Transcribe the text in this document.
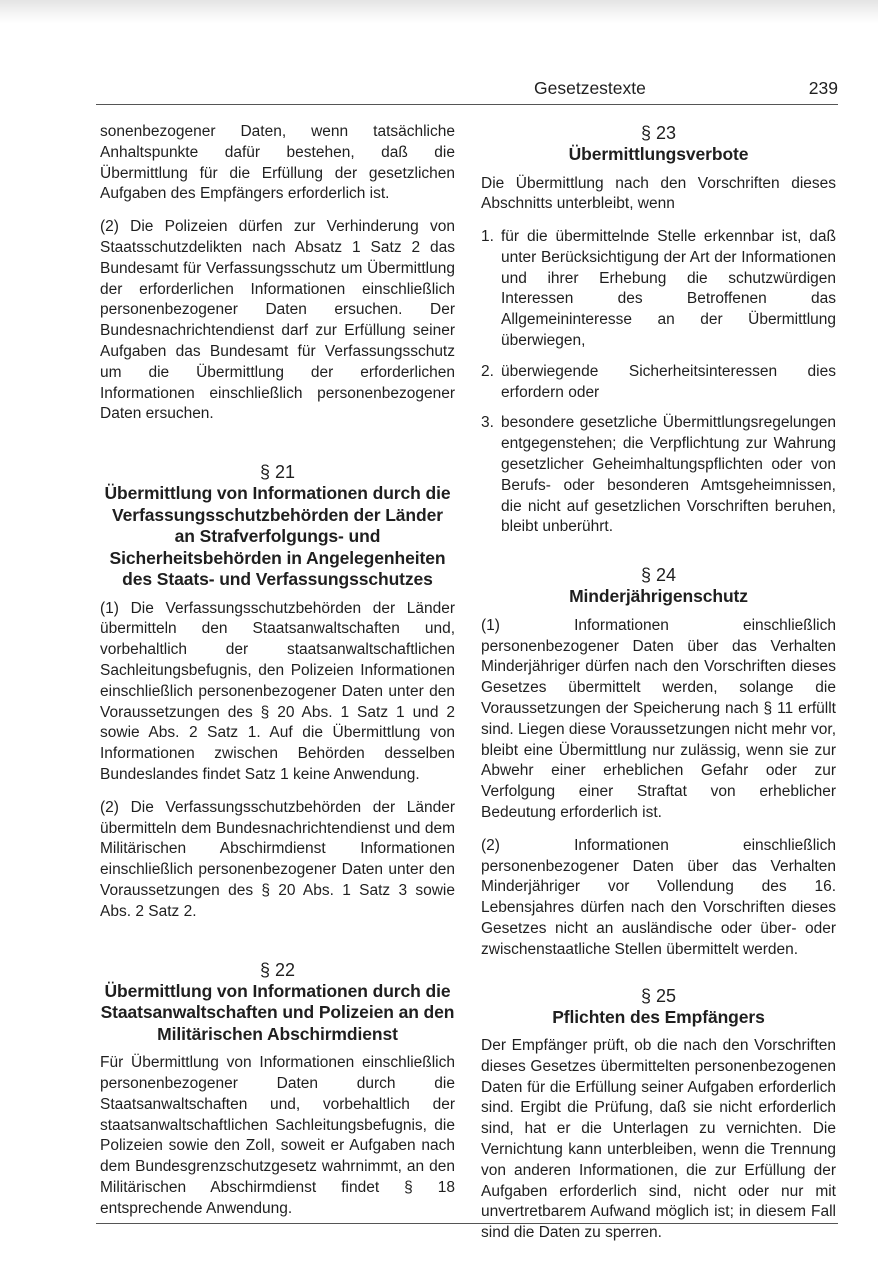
Gesetzestexte	239

sonenbezogener Daten, wenn tatsächliche Anhaltspunkte dafür bestehen, daß die Übermittlung für die Erfüllung der gesetzlichen Aufgaben des Empfängers erforderlich ist.

(2) Die Polizeien dürfen zur Verhinderung von Staatsschutzdelikten nach Absatz 1 Satz 2 das Bundesamt für Verfassungsschutz um Übermittlung der erforderlichen Informationen einschließlich personenbezogener Daten ersuchen. Der Bundesnachrichtendienst darf zur Erfüllung seiner Aufgaben das Bundesamt für Verfassungsschutz um die Übermittlung der erforderlichen Informationen einschließlich personenbezogener Daten ersuchen.

§ 21
Übermittlung von Informationen durch die Verfassungsschutzbehörden der Länder an Strafverfolgungs- und Sicherheitsbehörden in Angelegenheiten des Staats- und Verfassungsschutzes

(1) Die Verfassungsschutzbehörden der Länder übermitteln den Staatsanwaltschaften und, vorbehaltlich der staatsanwaltschaftlichen Sachleitungsbefugnis, den Polizeien Informationen einschließlich personenbezogener Daten unter den Voraussetzungen des § 20 Abs. 1 Satz 1 und 2 sowie Abs. 2 Satz 1. Auf die Übermittlung von Informationen zwischen Behörden desselben Bundeslandes findet Satz 1 keine Anwendung.

(2) Die Verfassungsschutzbehörden der Länder übermitteln dem Bundesnachrichtendienst und dem Militärischen Abschirmdienst Informationen einschließlich personenbezogener Daten unter den Voraussetzungen des § 20 Abs. 1 Satz 3 sowie Abs. 2 Satz 2.

§ 22
Übermittlung von Informationen durch die Staatsanwaltschaften und Polizeien an den Militärischen Abschirmdienst

Für Übermittlung von Informationen einschließlich personenbezogener Daten durch die Staatsanwaltschaften und, vorbehaltlich der staatsanwaltschaftlichen Sachleitungsbefugnis, die Polizeien sowie den Zoll, soweit er Aufgaben nach dem Bundesgrenzschutzgesetz wahrnimmt, an den Militärischen Abschirmdienst findet § 18 entsprechende Anwendung.

§ 23
Übermittlungsverbote

Die Übermittlung nach den Vorschriften dieses Abschnitts unterbleibt, wenn

1. für die übermittelnde Stelle erkennbar ist, daß unter Berücksichtigung der Art der Informationen und ihrer Erhebung die schutzwürdigen Interessen des Betroffenen das Allgemeininteresse an der Übermittlung überwiegen,
2. überwiegende Sicherheitsinteressen dies erfordern oder
3. besondere gesetzliche Übermittlungsregelungen entgegenstehen; die Verpflichtung zur Wahrung gesetzlicher Geheimhaltungspflichten oder von Berufs- oder besonderen Amtsgeheimnissen, die nicht auf gesetzlichen Vorschriften beruhen, bleibt unberührt.
§ 24
Minderjährigenschutz

(1) Informationen einschließlich personenbezogener Daten über das Verhalten Minderjähriger dürfen nach den Vorschriften dieses Gesetzes übermittelt werden, solange die Voraussetzungen der Speicherung nach § 11 erfüllt sind. Liegen diese Voraussetzungen nicht mehr vor, bleibt eine Übermittlung nur zulässig, wenn sie zur Abwehr einer erheblichen Gefahr oder zur Verfolgung einer Straftat von erheblicher Bedeutung erforderlich ist.

(2) Informationen einschließlich personenbezogener Daten über das Verhalten Minderjähriger vor Vollendung des 16. Lebensjahres dürfen nach den Vorschriften dieses Gesetzes nicht an ausländische oder über- oder zwischenstaatliche Stellen übermittelt werden.

§ 25
Pflichten des Empfängers

Der Empfänger prüft, ob die nach den Vorschriften dieses Gesetzes übermittelten personenbezogenen Daten für die Erfüllung seiner Aufgaben erforderlich sind. Ergibt die Prüfung, daß sie nicht erforderlich sind, hat er die Unterlagen zu vernichten. Die Vernichtung kann unterbleiben, wenn die Trennung von anderen Informationen, die zur Erfüllung der Aufgaben erforderlich sind, nicht oder nur mit unvertretbarem Aufwand möglich ist; in diesem Fall sind die Daten zu sperren.
